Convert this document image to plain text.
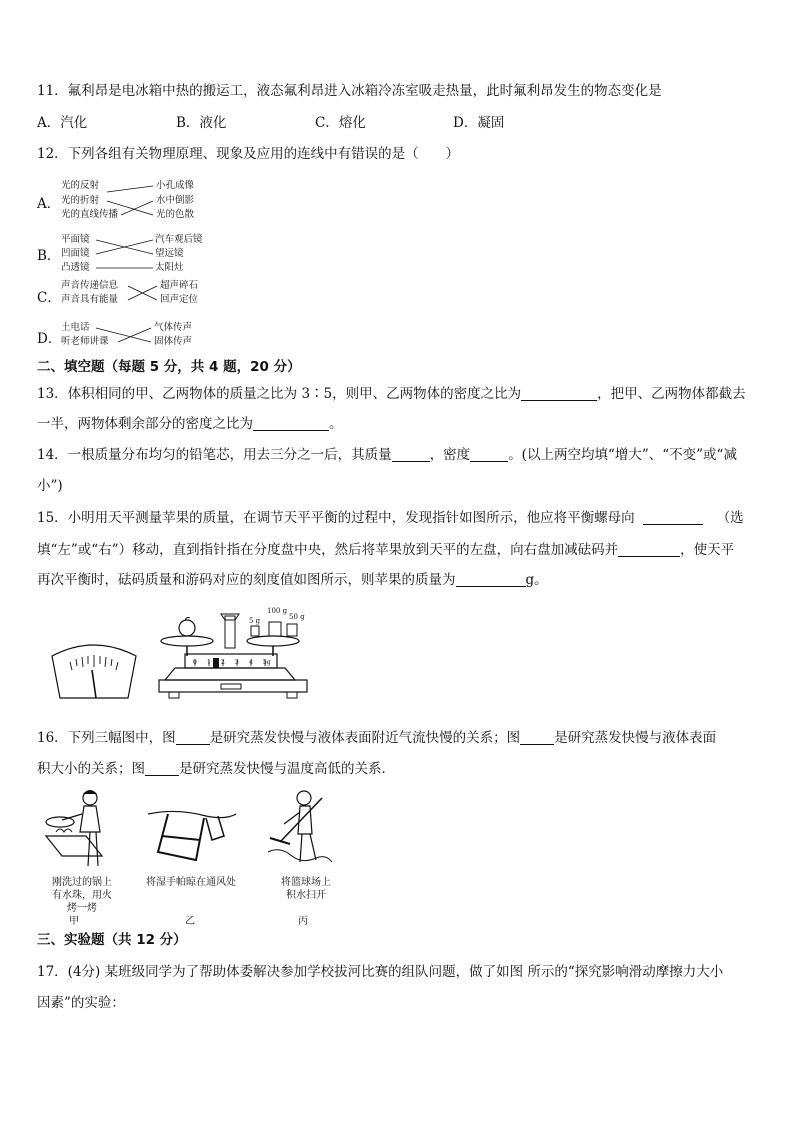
11．氟利昂是电冰箱中热的搬运工，液态氟利昂进入冰箱冷冻室吸走热量，此时氟利昂发生的物态变化是
A．汽化	B．液化	C．熔化	D．凝固
12．下列各组有关物理原理、现象及应用的连线中有错误的是（　　）
A．
光的反射
光的折射
光的直线传播
小孔成像
水中倒影
光的色散
B．
平面镜
凹面镜
凸透镜
汽车观后镜
望远镜
太阳灶
C．
声音传递信息
声音具有能量
超声碎石
回声定位
D．
土电话
听老师讲课
气体传声
固体传声
二、填空题（每题 5 分，共 4 题，20 分）
13．体积相同的甲、乙两物体的质量之比为 3∶5，则甲、乙两物体的密度之比为	，把甲、乙两物体都截去
一半，两物体剩余部分的密度之比为	。
14．一根质量分布均匀的铅笔芯，用去三分之一后，其质量	，密度	。(以上两空均填“增大”、“不变”或“减
小”)
15．小明用天平测量苹果的质量，在调节天平平衡的过程中，发现指针如图所示，他应将平衡螺母向	（选
填“左”或“右”）移动，直到指针指在分度盘中央，然后将苹果放到天平的左盘，向右盘加减砝码并	，使天平
再次平衡时，砝码质量和游码对应的刻度值如图所示，则苹果的质量为	g。
5 g
100 g
50 g
16．下列三幅图中，图	是研究蒸发快慢与液体表面附近气流快慢的关系；图	是研究蒸发快慢与液体表面
积大小的关系；图	是研究蒸发快慢与温度高低的关系．
刚洗过的锅上
有水珠，用火
烤一烤
甲
将湿手帕晾在通风处
乙
将篮球场上
积水扫开
丙
三、实验题（共 12 分）
17．(4分) 某班级同学为了帮助体委解决参加学校拔河比赛的组队问题，做了如图 所示的“探究影响滑动摩擦力大小
因素”的实验：
0 1 2 3 4 5g
